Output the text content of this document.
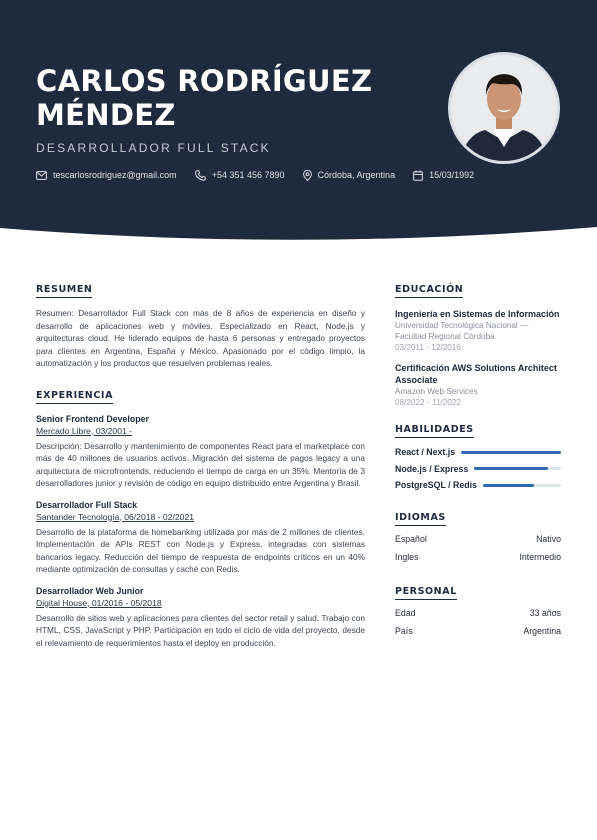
CARLOS RODRÍGUEZ
MÉNDEZ
DESARROLLADOR FULL STACK
tescarlosrodriguez@gmail.com	+54 351 456 7890	Córdoba, Argentina	15/03/1992
RESUMEN

Resumen: Desarrollador Full Stack con más de 8 años de experiencia en diseño y desarrollo de aplicaciones web y móviles. Especializado en React, Node.js y arquitecturas cloud. He liderado equipos de hasta 6 personas y entregado proyectos para clientes en Argentina, España y México. Apasionado por el código limpio, la automatización y los productos que resuelven problemas reales.

EXPERIENCIA
Senior Frontend Developer
Mercado Libre, 03/2001 -

Descripción: Desarrollo y mantenimiento de componentes React para el marketplace con más de 40 millones de usuarios activos. Migración del sistema de pagos legacy a una arquitectura de microfrontends, reduciendo el tiempo de carga en un 35%. Mentoría de 3 desarrolladores junior y revisión de código en equipo distribuido entre Argentina y Brasil.

Desarrollador Full Stack
Santander Tecnología, 06/2018 - 02/2021

Desarrollo de la plataforma de homebanking utilizada por más de 2 millones de clientes. Implementación de APIs REST con Node.js y Express, integradas con sistemas bancarios legacy. Reducción del tiempo de respuesta de endpoints críticos en un 40% mediante optimización de consultas y caché con Redis.

Desarrollador Web Junior
Digital House, 01/2016 - 05/2018

Desarrollo de sitios web y aplicaciones para clientes del sector retail y salud. Trabajo con HTML, CSS, JavaScript y PHP. Participación en todo el ciclo de vida del proyecto, desde el relevamiento de requerimientos hasta el deploy en producción.

EDUCACIÓN
Ingeniería en Sistemas de Información
Universidad Tecnológica Nacional — Facultad Regional Córdoba
03/2011 - 12/2016
Certificación AWS Solutions Architect Associate
Amazon Web Services
08/2022 - 11/2022
HABILIDADES
React / Next.js
Node.js / Express
PostgreSQL / Redis
IDIOMAS
Español	Nativo
Ingles	Intermedio
PERSONAL
Edad	33 años
País	Argentina
